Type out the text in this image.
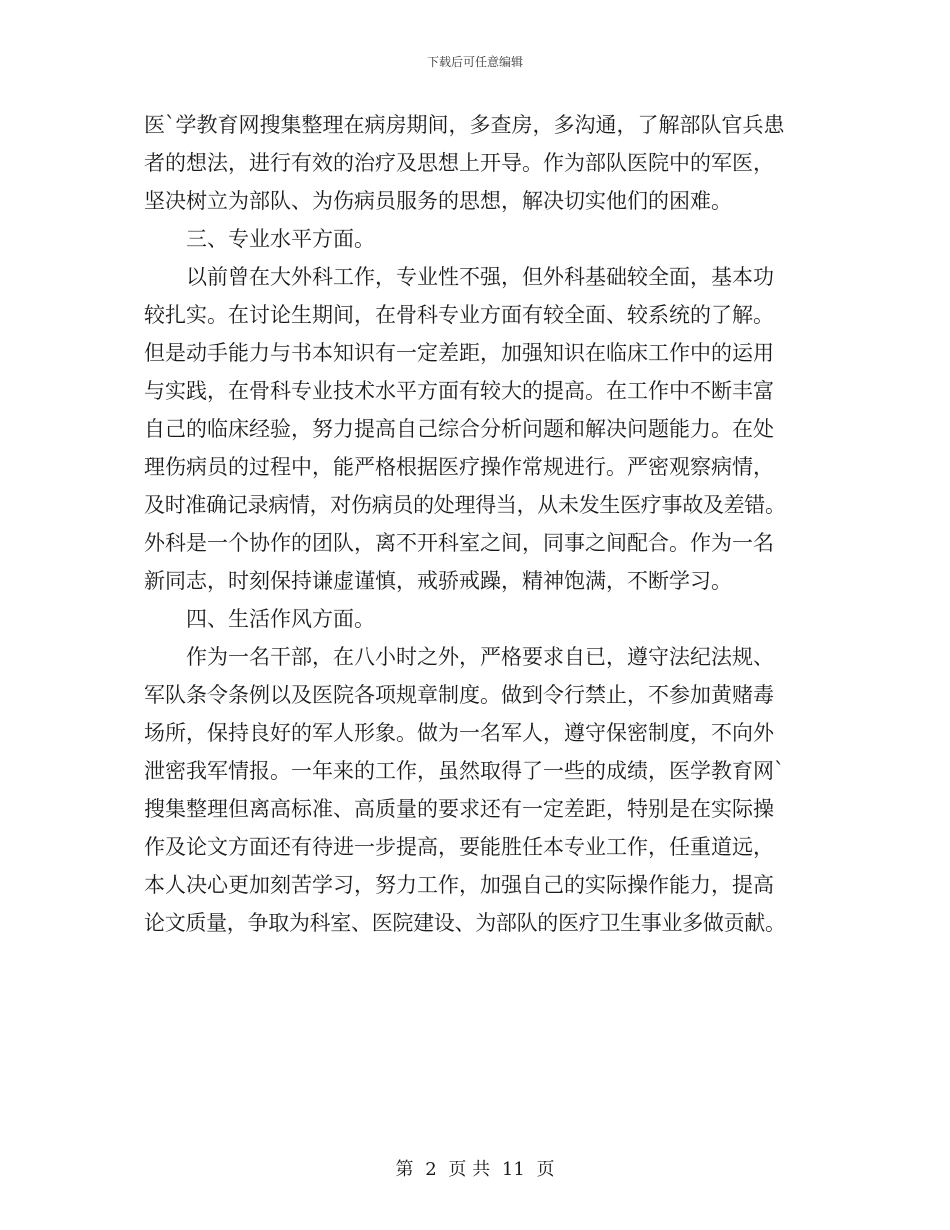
下载后可任意编辑
医`学教育网搜集整理在病房期间，多查房，多沟通，了解部队官兵患
者的想法，进行有效的治疗及思想上开导。作为部队医院中的军医，
坚决树立为部队、为伤病员服务的思想，解决切实他们的困难。
三、专业水平方面。
以前曾在大外科工作，专业性不强，但外科基础较全面，基本功
较扎实。在讨论生期间，在骨科专业方面有较全面、较系统的了解。
但是动手能力与书本知识有一定差距，加强知识在临床工作中的运用
与实践，在骨科专业技术水平方面有较大的提高。在工作中不断丰富
自己的临床经验，努力提高自己综合分析问题和解决问题能力。在处
理伤病员的过程中，能严格根据医疗操作常规进行。严密观察病情，
及时准确记录病情，对伤病员的处理得当，从未发生医疗事故及差错。
外科是一个协作的团队，离不开科室之间，同事之间配合。作为一名
新同志，时刻保持谦虚谨慎，戒骄戒躁，精神饱满，不断学习。
四、生活作风方面。
作为一名干部，在八小时之外，严格要求自已，遵守法纪法规、
军队条令条例以及医院各项规章制度。做到令行禁止，不参加黄赌毒
场所，保持良好的军人形象。做为一名军人，遵守保密制度，不向外
泄密我军情报。一年来的工作，虽然取得了一些的成绩，医学教育网`
搜集整理但离高标准、高质量的要求还有一定差距，特别是在实际操
作及论文方面还有待进一步提高，要能胜任本专业工作，任重道远，
本人决心更加刻苦学习，努力工作，加强自己的实际操作能力，提高
论文质量，争取为科室、医院建设、为部队的医疗卫生事业多做贡献。
第 2 页 共 11 页
